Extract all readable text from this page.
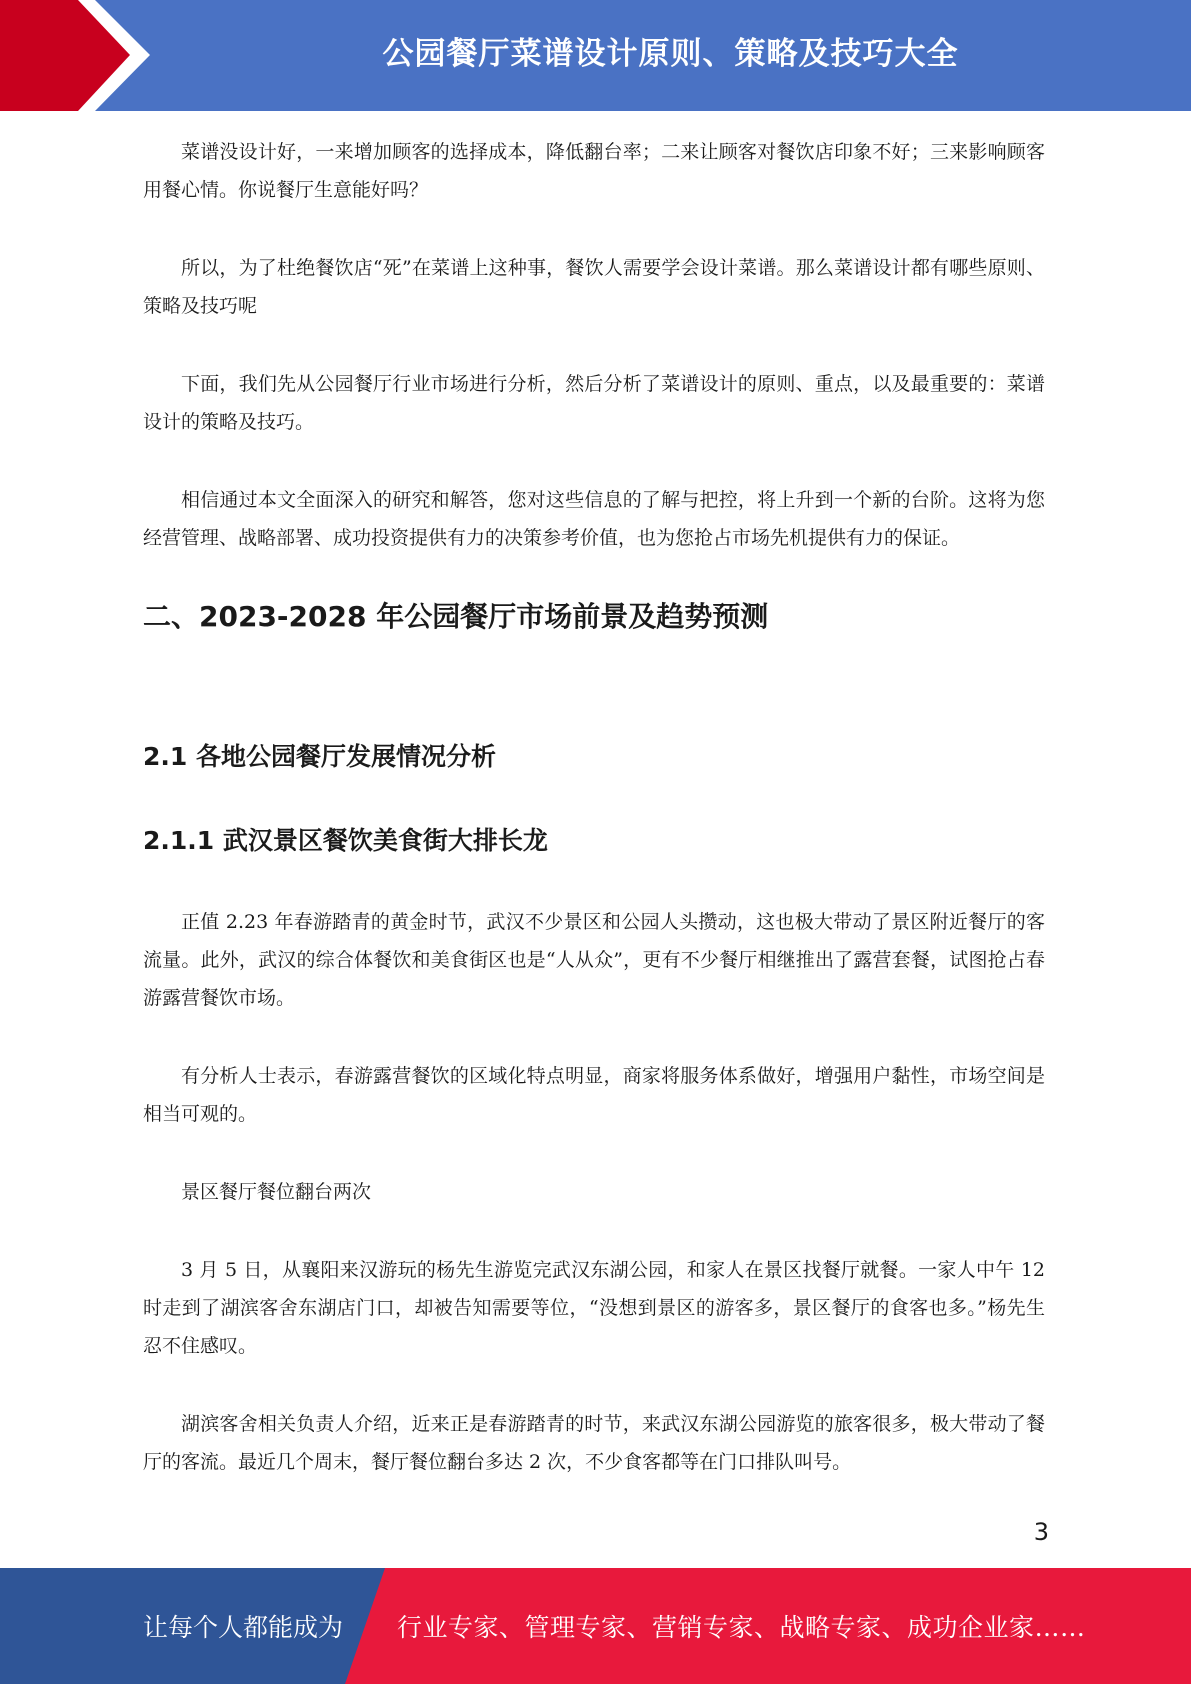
公园餐厅菜谱设计原则、策略及技巧大全

菜谱没设计好，一来增加顾客的选择成本，降低翻台率；二来让顾客对餐饮店印象不好；三来影响顾客用餐心情。你说餐厅生意能好吗？

所以，为了杜绝餐饮店“死”在菜谱上这种事，餐饮人需要学会设计菜谱。那么菜谱设计都有哪些原则、策略及技巧呢

下面，我们先从公园餐厅行业市场进行分析，然后分析了菜谱设计的原则、重点，以及最重要的：菜谱设计的策略及技巧。

相信通过本文全面深入的研究和解答，您对这些信息的了解与把控，将上升到一个新的台阶。这将为您经营管理、战略部署、成功投资提供有力的决策参考价值，也为您抢占市场先机提供有力的保证。

二、2023-2028 年公园餐厅市场前景及趋势预测
2.1 各地公园餐厅发展情况分析
2.1.1 武汉景区餐饮美食街大排长龙

正值 2.23 年春游踏青的黄金时节，武汉不少景区和公园人头攒动，这也极大带动了景区附近餐厅的客流量。此外，武汉的综合体餐饮和美食街区也是“人从众”，更有不少餐厅相继推出了露营套餐，试图抢占春游露营餐饮市场。

有分析人士表示，春游露营餐饮的区域化特点明显，商家将服务体系做好，增强用户黏性，市场空间是相当可观的。

景区餐厅餐位翻台两次

3 月 5 日，从襄阳来汉游玩的杨先生游览完武汉东湖公园，和家人在景区找餐厅就餐。一家人中午 12 时走到了湖滨客舍东湖店门口，却被告知需要等位，“没想到景区的游客多，景区餐厅的食客也多。”杨先生忍不住感叹。

湖滨客舍相关负责人介绍，近来正是春游踏青的时节，来武汉东湖公园游览的旅客很多，极大带动了餐厅的客流。最近几个周末，餐厅餐位翻台多达 2 次，不少食客都等在门口排队叫号。

3
让每个人都能成为 行业专家、管理专家、营销专家、战略专家、成功企业家……
